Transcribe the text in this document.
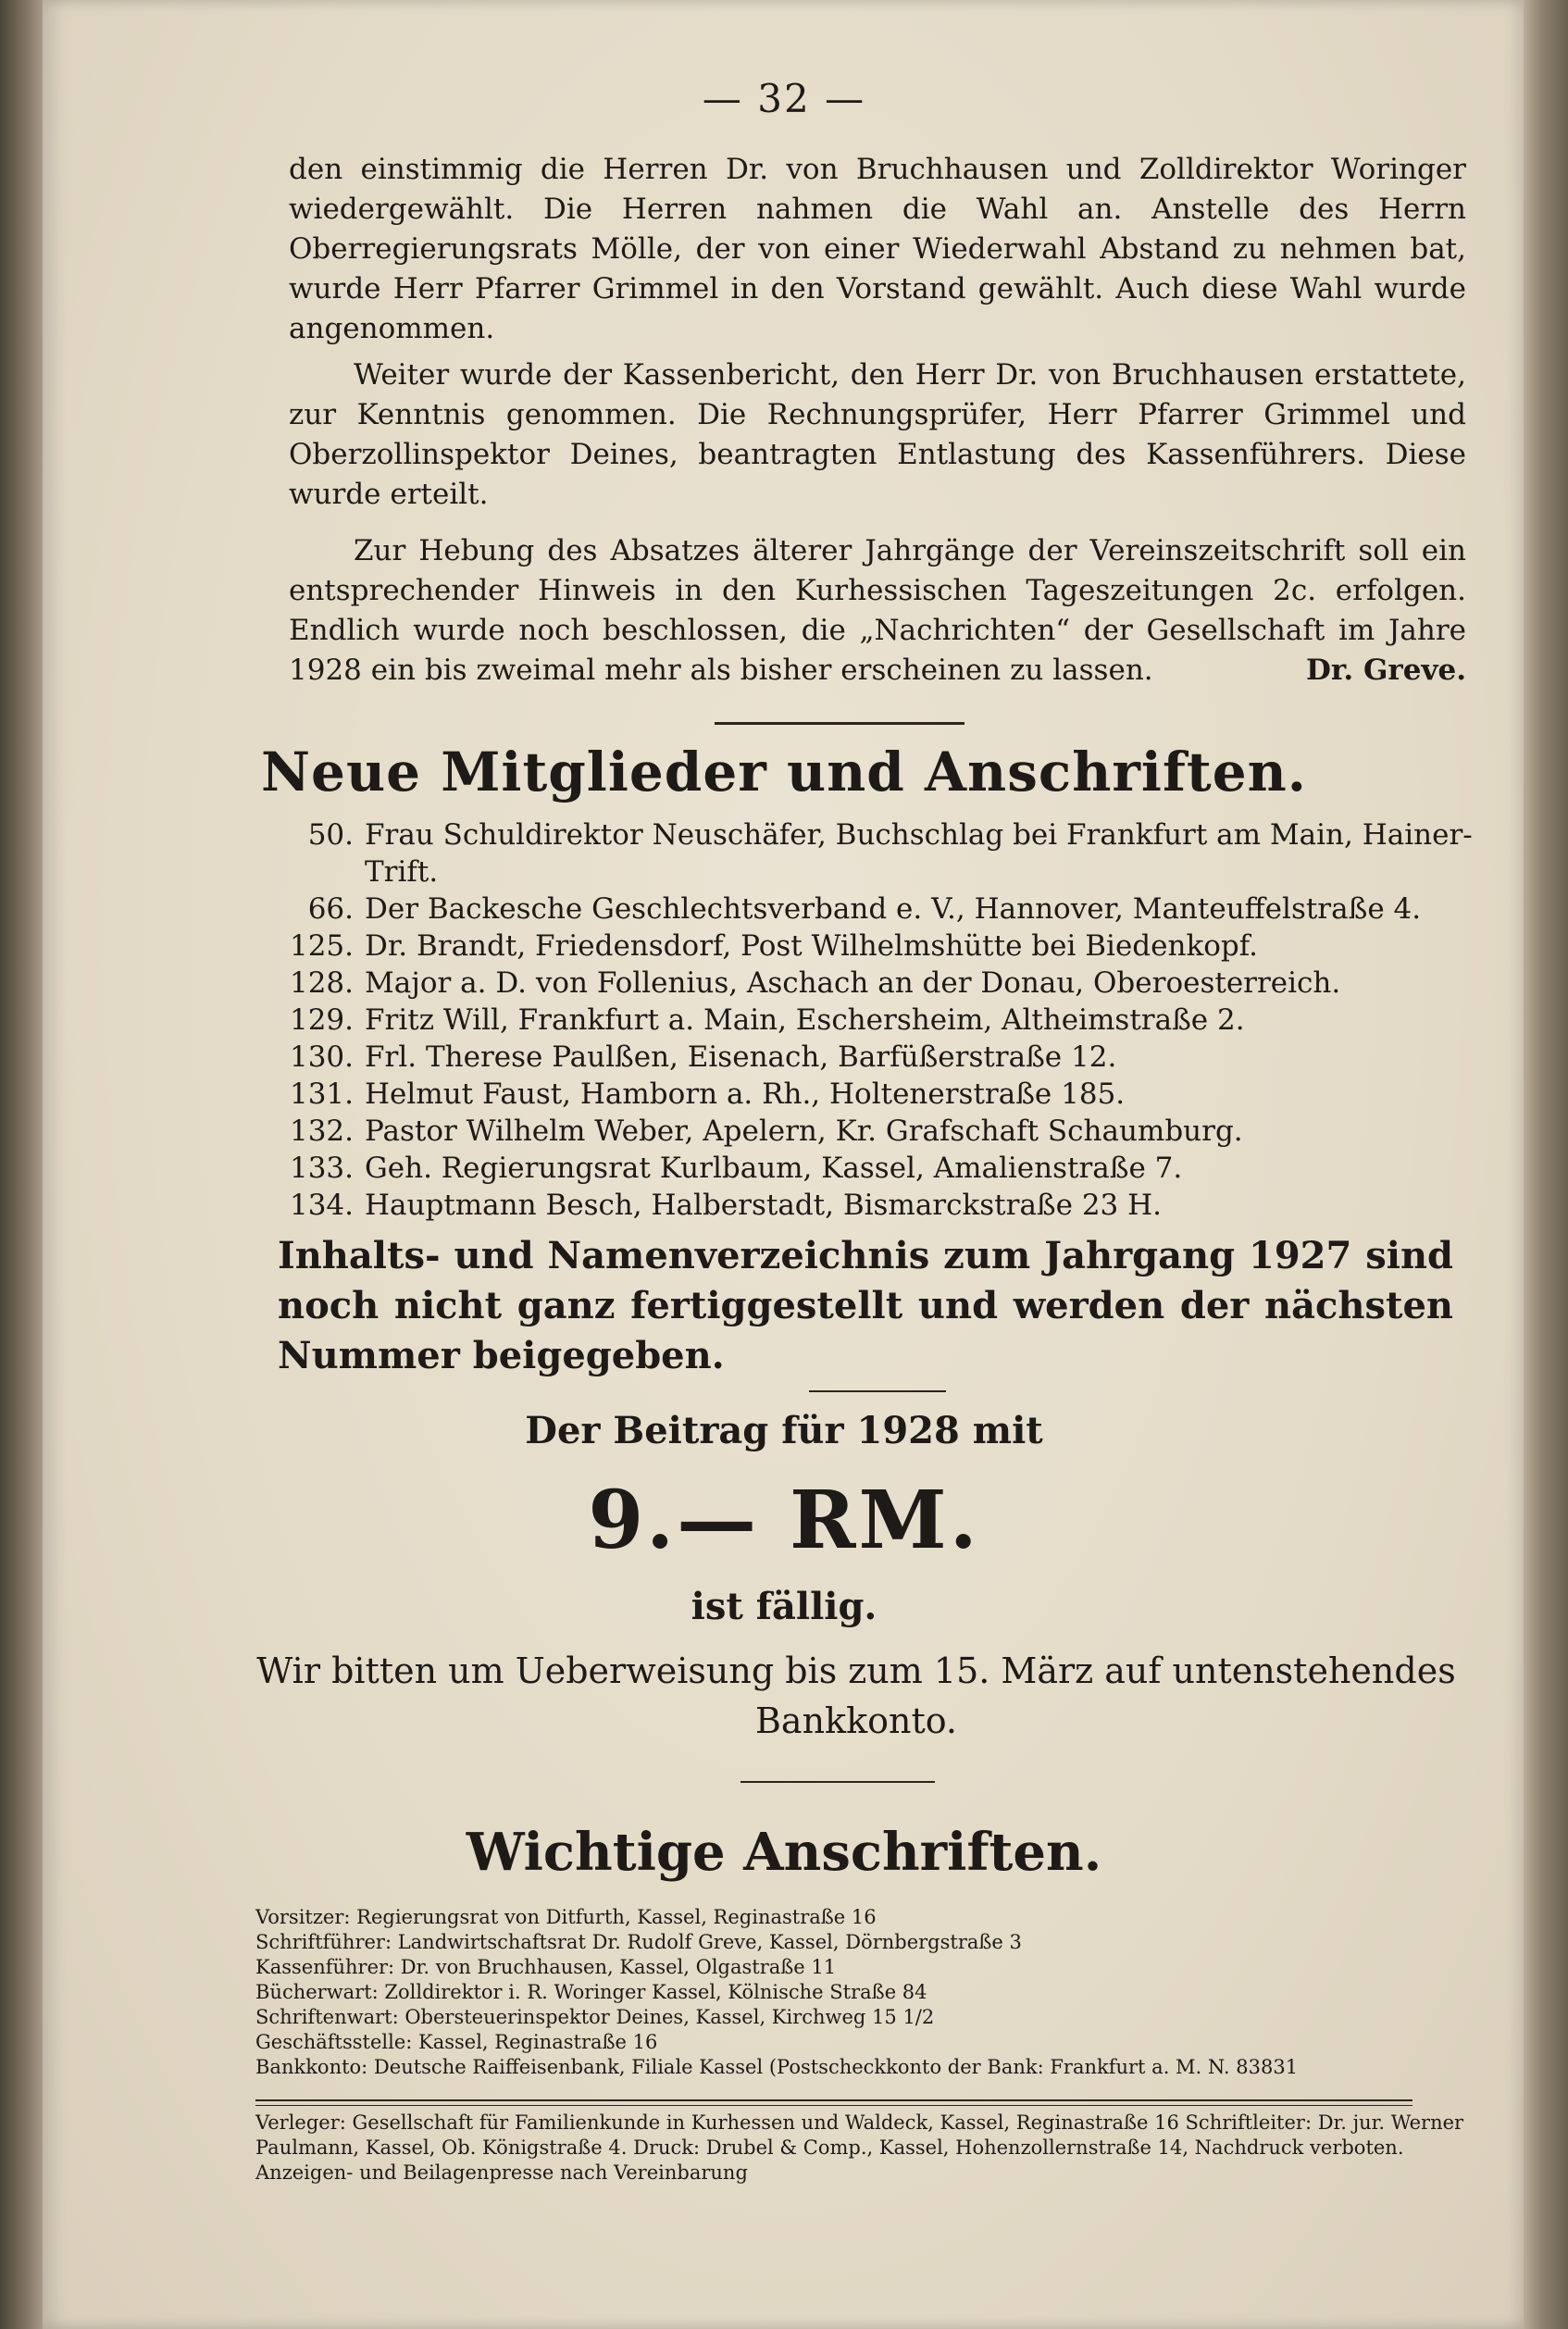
— 32 —

den einstimmig die Herren Dr. von Bruchhausen und Zolldirektor Woringer wiedergewählt. Die Herren nahmen die Wahl an. Anstelle des Herrn Oberregierungsrats Mölle, der von einer Wiederwahl Abstand zu nehmen bat, wurde Herr Pfarrer Grimmel in den Vorstand gewählt. Auch diese Wahl wurde angenommen.

Weiter wurde der Kassenbericht, den Herr Dr. von Bruchhausen erstattete, zur Kenntnis genommen. Die Rechnungsprüfer, Herr Pfarrer Grimmel und Oberzollinspektor Deines, beantragten Entlastung des Kassenführers. Diese wurde erteilt.

Zur Hebung des Absatzes älterer Jahrgänge der Vereinszeitschrift soll ein entsprechender Hinweis in den Kurhessischen Tageszeitungen 2c. erfolgen. Endlich wurde noch beschlossen, die „Nachrichten“ der Gesellschaft im Jahre 1928 ein bis zweimal mehr als bisher erscheinen zu lassen.	Dr. Greve.

Neue Mitglieder und Anschriften.
50. Frau Schuldirektor Neuschäfer, Buchschlag bei Frankfurt am Main, Hainer-Trift.
66. Der Backesche Geschlechtsverband e. V., Hannover, Manteuffelstraße 4.
125. Dr. Brandt, Friedensdorf, Post Wilhelmshütte bei Biedenkopf.
128. Major a. D. von Follenius, Aschach an der Donau, Oberoesterreich.
129. Fritz Will, Frankfurt a. Main, Eschersheim, Altheimstraße 2.
130. Frl. Therese Paulßen, Eisenach, Barfüßerstraße 12.
131. Helmut Faust, Hamborn a. Rh., Holtenerstraße 185.
132. Pastor Wilhelm Weber, Apelern, Kr. Grafschaft Schaumburg.
133. Geh. Regierungsrat Kurlbaum, Kassel, Amalienstraße 7.
134. Hauptmann Besch, Halberstadt, Bismarckstraße 23 H.

Inhalts- und Namenverzeichnis zum Jahrgang 1927 sind noch nicht ganz fertiggestellt und werden der nächsten Nummer beigegeben.

Der Beitrag für 1928 mit

9.— RM.

ist fällig.

Wir bitten um Ueberweisung bis zum 15. März auf untenstehendes Bankkonto.

Wichtige Anschriften.
Vorsitzer: Regierungsrat von Ditfurth, Kassel, Reginastraße 16
Schriftführer: Landwirtschaftsrat Dr. Rudolf Greve, Kassel, Dörnbergstraße 3
Kassenführer: Dr. von Bruchhausen, Kassel, Olgastraße 11
Bücherwart: Zolldirektor i. R. Woringer Kassel, Kölnische Straße 84
Schriftenwart: Obersteuerinspektor Deines, Kassel, Kirchweg 15 1/2
Geschäftsstelle: Kassel, Reginastraße 16
Bankkonto: Deutsche Raiffeisenbank, Filiale Kassel (Postscheckkonto der Bank: Frankfurt a. M. N. 83831

Verleger: Gesellschaft für Familienkunde in Kurhessen und Waldeck, Kassel, Reginastraße 16 Schriftleiter: Dr. jur. Werner Paulmann, Kassel, Ob. Königstraße 4. Druck: Drubel & Comp., Kassel, Hohenzollernstraße 14, Nachdruck verboten. Anzeigen- und Beilagenpresse nach Vereinbarung
